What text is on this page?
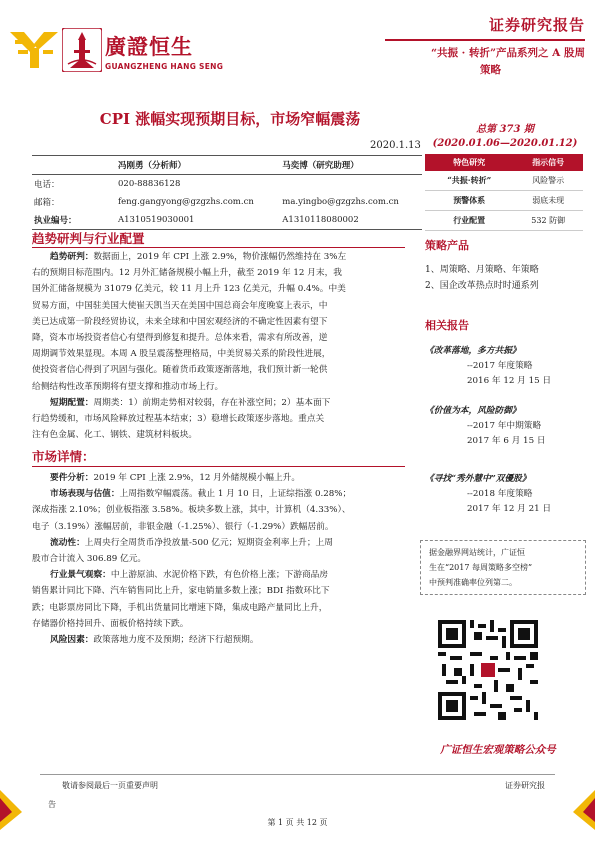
廣證恒生
GUANGZHENG HANG SENG
证券研究报告
“共振 · 转折”产品系列之 A 股周
策略
CPI 涨幅实现预期目标，市场窄幅震荡
2020.1.13
总第 373 期
(2020.01.06—2020.01.12)
	冯刚勇（分析师）	马奕博（研究助理）
电话：	020-88836128	
邮箱：	feng.gangyong@gzgzhs.com.cn	ma.yingbo@gzgzhs.com.cn
执业编号：	A1310519030001	A1310118080002
特色研究	指示信号
“共振·转折”	风险警示
预警体系	弱底未现
行业配置	532 防御
趋势研判与行业配置
趋势研判：数据面上，2019 年 CPI 上涨 2.9%，物价涨幅仍然维持在 3%左
右的预期目标范围内。12 月外汇储备规模小幅上升，截至 2019 年 12 月末，我
国外汇储备规模为 31079 亿美元，较 11 月上升 123 亿美元，升幅 0.4%。中美
贸易方面，中国驻美国大使崔天凯当天在美国中国总商会年度晚宴上表示，中
美已达成第一阶段经贸协议，未来全球和中国宏观经济的不确定性因素有望下
降，资本市场投资者信心有望得到修复和提升。总体来看，需求有所改善，逆
周期调节效果显现。本周 A 股呈震荡整理格局，中美贸易关系的阶段性进展，
使投资者信心得到了巩固与强化。随着货币政策逐渐落地，我们预计新一轮供
给侧结构性改革预期将有望支撑和推动市场上行。
短期配置：周期类：1）前期走势相对较弱，存在补涨空间；2）基本面下
行趋势缓和，市场风险释放过程基本结束；3）稳增长政策逐步落地。重点关
注有色金属、化工、钢铁、建筑材料板块。
市场详情：
要件分析：2019 年 CPI 上涨 2.9%，12 月外储规模小幅上升。
市场表现与估值：上周指数窄幅震荡。截止 1 月 10 日，上证综指涨 0.28%；
深成指涨 2.10%；创业板指涨 3.58%。板块多数上涨，其中，计算机（4.33%）、
电子（3.19%）涨幅居前，非银金融（-1.25%）、银行（-1.29%）跌幅居前。
流动性：上周央行全周货币净投放量-500 亿元；短期资金利率上升；上周
股市合计流入 306.89 亿元。
行业景气观察：中上游原油、水泥价格下跌，有色价格上涨；下游商品房
销售累计同比下降、汽车销售同比上升，家电销量多数上涨；BDI 指数环比下
跌；电影票房同比下降，手机出货量同比增速下降，集成电路产量同比上升，
存储器价格持回升、面板价格持续下跌。
风险因素：政策落地力度不及预期；经济下行超预期。
策略产品
1、周策略、月策略、年策略
2、国企改革热点时时通系列
相关报告
《改革落地，多方共振》
--2017 年度策略
2016 年 12 月 15 日
《价值为本，风险防御》
--2017 年中期策略
2017 年 6 月 15 日
《寻找“秀外慧中”双優股》
--2018 年度策略
2017 年 12 月 21 日
据金融界网站统计，广证恒
生在“2017 每周策略多空榜”
中预判准确率位列第二。
广证恒生宏观策略公众号
敬请参阅最后一页重要声明
告
证券研究报
第 1 页 共 12 页
